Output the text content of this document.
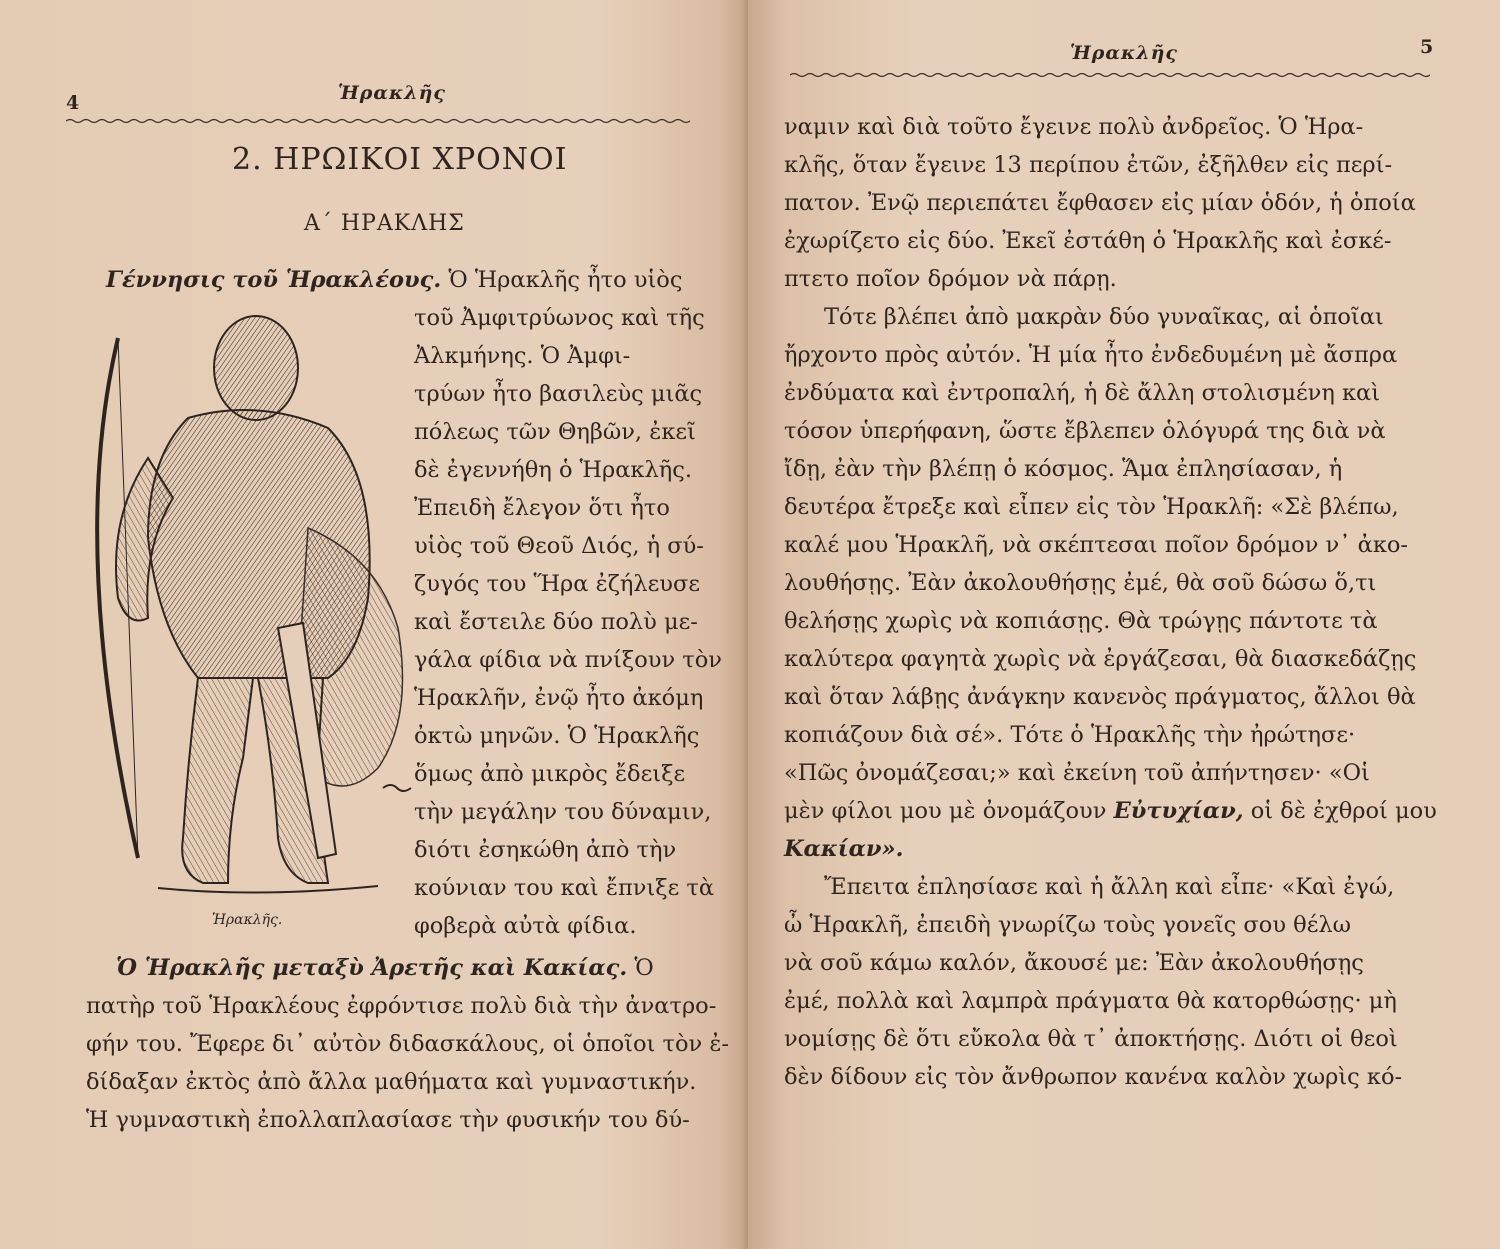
4	Ἡρακλῆς
2. ΗΡΩΙΚΟΙ ΧΡΟΝΟΙ
Α΄ ΗΡΑΚΛΗΣ
Γέννησις τοῦ Ἡρακλέους. Ὁ Ἡρακλῆς ἦτο υἱὸς
Ἡρακλῆς.
τοῦ Ἀμφιτρύωνος καὶ τῆς
Ἀλκμήνης. Ὁ Ἀμφι-
τρύων ἦτο βασιλεὺς μιᾶς
πόλεως τῶν Θηβῶν, ἐκεῖ
δὲ ἐγεννήθη ὁ Ἡρακλῆς.
Ἐπειδὴ ἔλεγον ὅτι ἦτο
υἱὸς τοῦ Θεοῦ Διός, ἡ σύ-
ζυγός του Ἥρα ἐζήλευσε
καὶ ἔστειλε δύο πολὺ με-
γάλα φίδια νὰ πνίξουν τὸν
Ἡρακλῆν, ἐνῷ ἦτο ἀκόμη
ὀκτὼ μηνῶν. Ὁ Ἡρακλῆς
ὅμως ἀπὸ μικρὸς ἔδειξε
τὴν μεγάλην του δύναμιν,
διότι ἐσηκώθη ἀπὸ τὴν
κούνιαν του καὶ ἔπνιξε τὰ
φοβερὰ αὐτὰ φίδια.
Ὁ Ἡρακλῆς μεταξὺ Ἀρετῆς καὶ Κακίας. Ὁ
πατὴρ τοῦ Ἡρακλέους ἐφρόντισε πολὺ διὰ τὴν ἀνατρο-
φήν του. Ἔφερε δι᾽ αὐτὸν διδασκάλους, οἱ ὁποῖοι τὸν ἐ-
δίδαξαν ἐκτὸς ἀπὸ ἄλλα μαθήματα καὶ γυμναστικήν.
Ἡ γυμναστικὴ ἐπολλαπλασίασε τὴν φυσικήν του δύ-
Ἡρακλῆς	5
ναμιν καὶ διὰ τοῦτο ἔγεινε πολὺ ἀνδρεῖος. Ὁ Ἡρα-
κλῆς, ὅταν ἔγεινε 13 περίπου ἐτῶν, ἐξῆλθεν εἰς περί-
πατον. Ἐνῷ περιεπάτει ἔφθασεν εἰς μίαν ὁδόν, ἡ ὁποία
ἐχωρίζετο εἰς δύο. Ἐκεῖ ἐστάθη ὁ Ἡρακλῆς καὶ ἐσκέ-
πτετο ποῖον δρόμον νὰ πάρῃ.
Τότε βλέπει ἀπὸ μακρὰν δύο γυναῖκας, αἱ ὁποῖαι
ἤρχοντο πρὸς αὐτόν. Ἡ μία ἦτο ἐνδεδυμένη μὲ ἄσπρα
ἐνδύματα καὶ ἐντροπαλή, ἡ δὲ ἄλλη στολισμένη καὶ
τόσον ὑπερήφανη, ὥστε ἔβλεπεν ὁλόγυρά της διὰ νὰ
ἴδῃ, ἐὰν τὴν βλέπῃ ὁ κόσμος. Ἅμα ἐπλησίασαν, ἡ
δευτέρα ἔτρεξε καὶ εἶπεν εἰς τὸν Ἡρακλῆ: «Σὲ βλέπω,
καλέ μου Ἡρακλῆ, νὰ σκέπτεσαι ποῖον δρόμον ν᾽ ἀκο-
λουθήσῃς. Ἐὰν ἀκολουθήσῃς ἐμέ, θὰ σοῦ δώσω ὅ,τι
θελήσῃς χωρὶς νὰ κοπιάσῃς. Θὰ τρώγῃς πάντοτε τὰ
καλύτερα φαγητὰ χωρὶς νὰ ἐργάζεσαι, θὰ διασκεδάζῃς
καὶ ὅταν λάβῃς ἀνάγκην κανενὸς πράγματος, ἄλλοι θὰ
κοπιάζουν διὰ σέ». Τότε ὁ Ἡρακλῆς τὴν ἠρώτησε·
«Πῶς ὀνομάζεσαι;» καὶ ἐκείνη τοῦ ἀπήντησεν· «Οἱ
μὲν φίλοι μου μὲ ὀνομάζουν Εὐτυχίαν, οἱ δὲ ἐχθροί μου
Κακίαν».
Ἔπειτα ἐπλησίασε καὶ ἡ ἄλλη καὶ εἶπε· «Καὶ ἐγώ,
ὦ Ἡρακλῆ, ἐπειδὴ γνωρίζω τοὺς γονεῖς σου θέλω
νὰ σοῦ κάμω καλόν, ἄκουσέ με: Ἐὰν ἀκολουθήσῃς
ἐμέ, πολλὰ καὶ λαμπρὰ πράγματα θὰ κατορθώσῃς· μὴ
νομίσῃς δὲ ὅτι εὔκολα θὰ τ᾽ ἀποκτήσῃς. Διότι οἱ θεοὶ
δὲν δίδουν εἰς τὸν ἄνθρωπον κανένα καλὸν χωρὶς κό-
